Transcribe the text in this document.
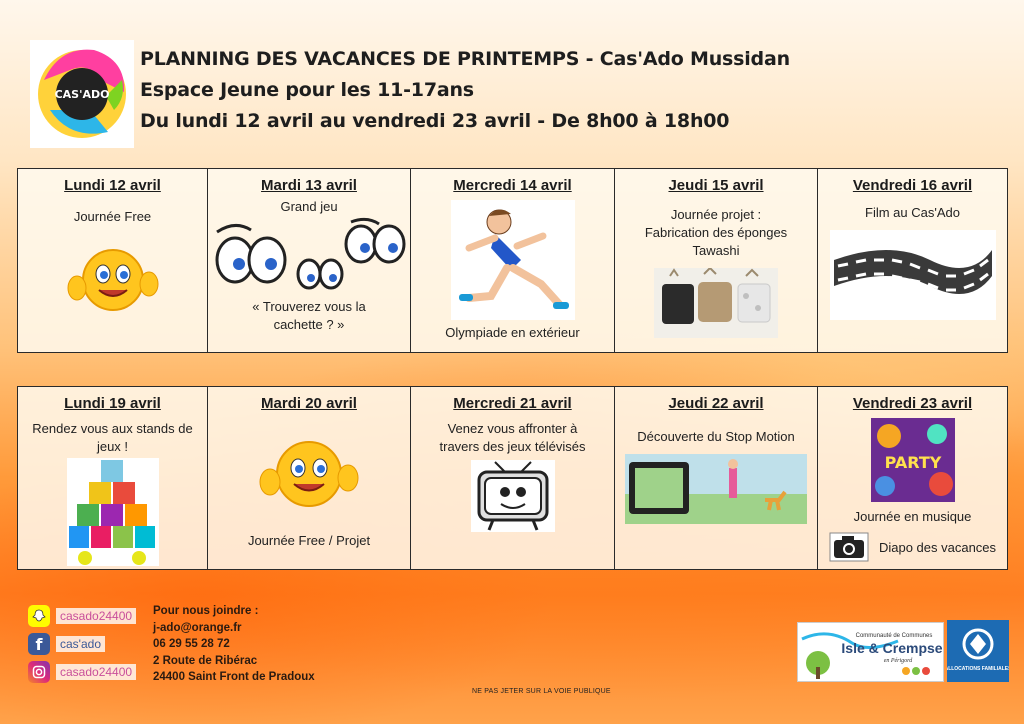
CAS'ADO
PLANNING DES VACANCES DE PRINTEMPS - Cas'Ado Mussidan
Espace Jeune pour les 11-17ans
Du lundi 12 avril au vendredi 23 avril - De 8h00 à 18h00
Lundi 12 avril
Journée Free

Mardi 13 avril
Grand jeu
« Trouverez vous la cachette ? »

Mercredi 14 avril
Olympiade en extérieur

Jeudi 15 avril
Journée projet : Fabrication des éponges Tawashi

Vendredi 16 avril
Film au Cas'Ado
Lundi 19 avril
Rendez vous aux stands de jeux !

Mardi 20 avril
Journée Free / Projet

Mercredi 21 avril
Venez vous affronter à travers des jeux télévisés

Jeudi 22 avril
Découverte du Stop Motion

Vendredi 23 avril
PARTY
Journée en musique
Diapo des vacances
casado24400
f	cas'ado
casado24400
Pour nous joindre :
j-ado@orange.fr
06 29 55 28 72
2 Route de Ribérac
24400 Saint Front de Pradoux
NE PAS JETER SUR LA VOIE PUBLIQUE
Communauté de Communes
Isle & Crempse
en Périgord
ALLOCATIONS FAMILIALES
